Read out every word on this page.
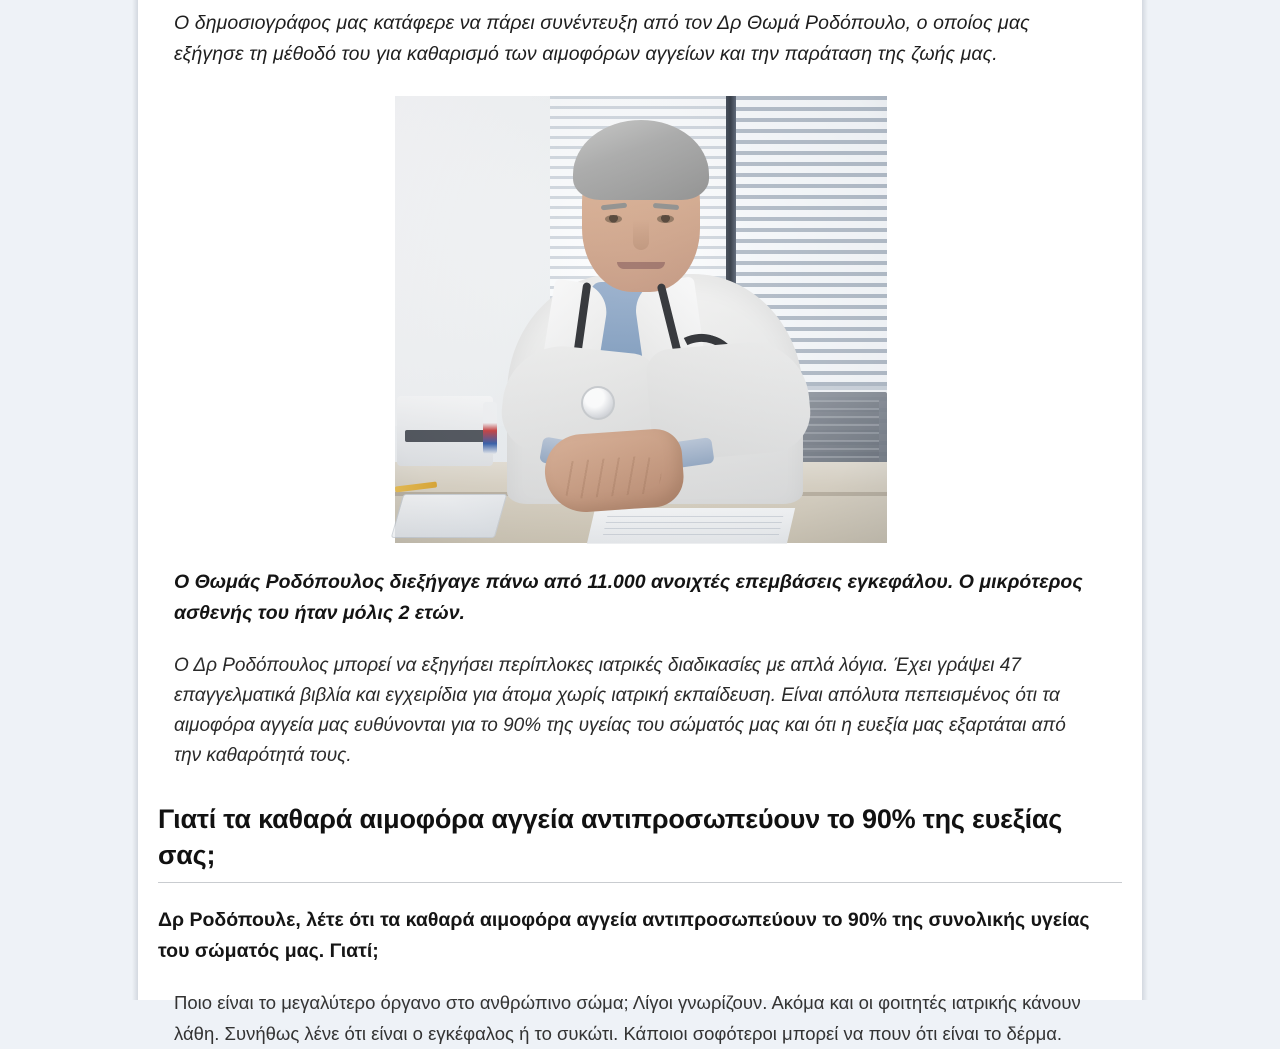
Ο δημοσιογράφος μας κατάφερε να πάρει συνέντευξη από τον Δρ Θωμά Ροδόπουλο, ο οποίος μας εξήγησε τη μέθοδό του για καθαρισμό των αιμοφόρων αγγείων και την παράταση της ζωής μας.

Ο Θωμάς Ροδόπουλος διεξήγαγε πάνω από 11.000 ανοιχτές επεμβάσεις εγκεφάλου. Ο μικρότερος ασθενής του ήταν μόλις 2 ετών.

Ο Δρ Ροδόπουλος μπορεί να εξηγήσει περίπλοκες ιατρικές διαδικασίες με απλά λόγια. Έχει γράψει 47 επαγγελματικά βιβλία και εγχειρίδια για άτομα χωρίς ιατρική εκπαίδευση. Είναι απόλυτα πεπεισμένος ότι τα αιμοφόρα αγγεία μας ευθύνονται για το 90% της υγείας του σώματός μας και ότι η ευεξία μας εξαρτάται από την καθαρότητά τους.

Γιατί τα καθαρά αιμοφόρα αγγεία αντιπροσωπεύουν το 90% της ευεξίας σας;

Δρ Ροδόπουλε, λέτε ότι τα καθαρά αιμοφόρα αγγεία αντιπροσωπεύουν το 90% της συνολικής υγείας του σώματός μας. Γιατί;

Ποιο είναι το μεγαλύτερο όργανο στο ανθρώπινο σώμα; Λίγοι γνωρίζουν. Ακόμα και οι φοιτητές ιατρικής κάνουν λάθη. Συνήθως λένε ότι είναι ο εγκέφαλος ή το συκώτι. Κάποιοι σοφότεροι μπορεί να πουν ότι είναι το δέρμα.
